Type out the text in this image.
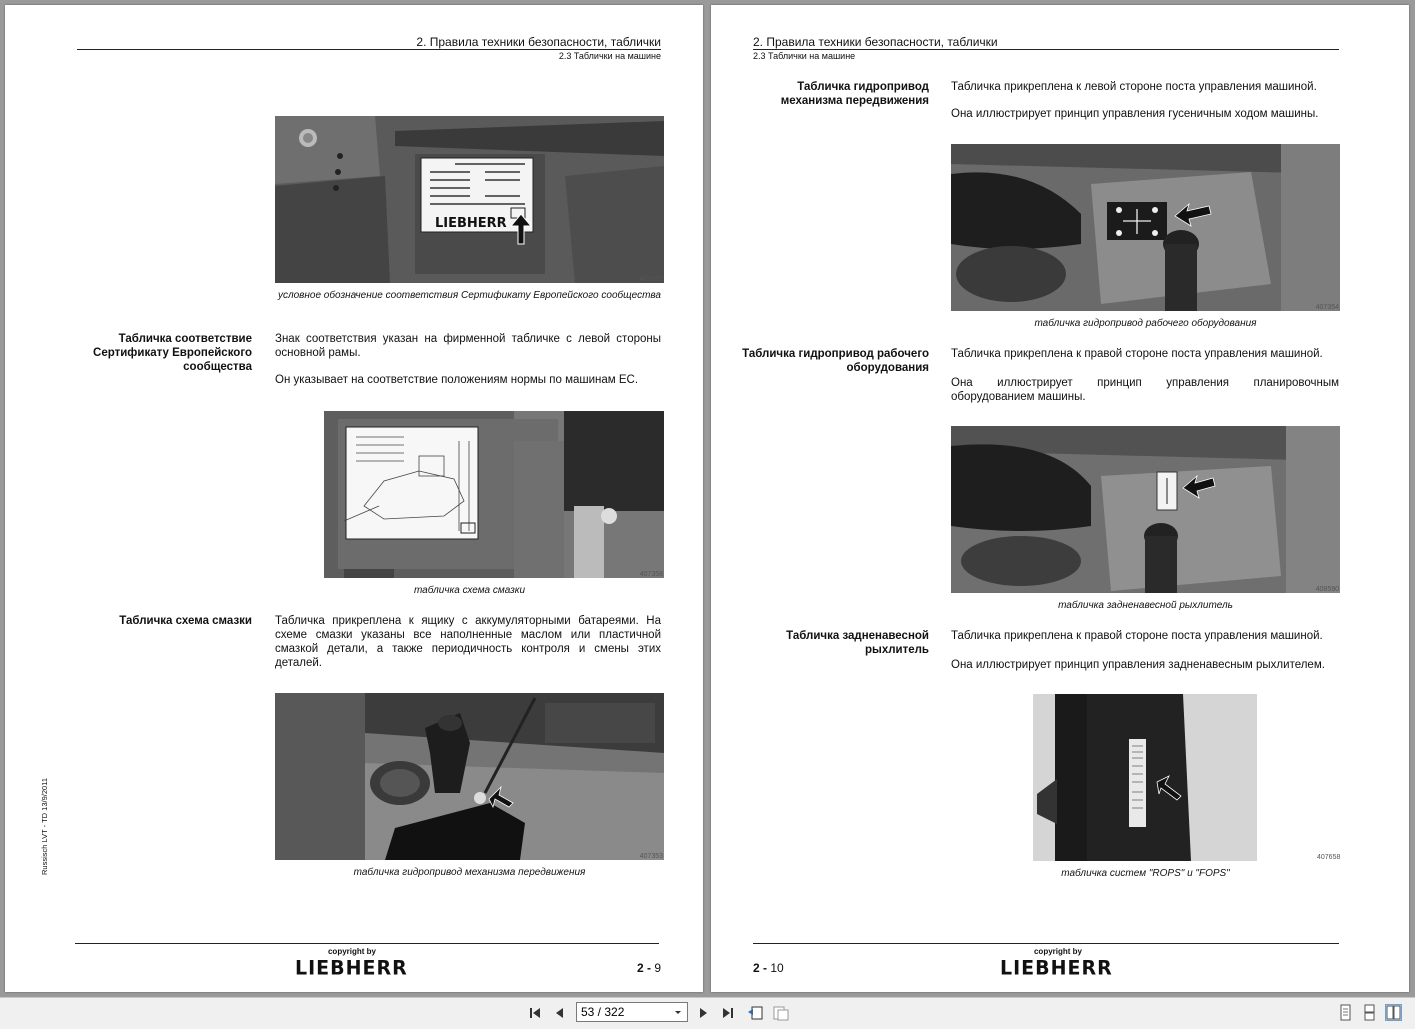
2. Правила техники безопасности, таблички
2.3 Таблички на машине
LIEBHERR
407057
условное обозначение соответствия Сертификату Европейского сообщества
Табличка соответствие Сертификату Европейского сообщества
Знак соответствия указан на фирменной табличке с левой стороны основной рамы.
Он указывает на соответствие положениям нормы по машинам ЕС.
407358
табличка схема смазки
Табличка схема смазки Табличка прикреплена к ящику с аккумуляторными батареями. На схеме смазки указаны все наполненные маслом или пластичной смазкой детали, а также периодичность контроля и смены этих деталей.
407353
табличка гидропривод механизма передвижения
Russisch LVT - TD 13/9/2011
copyright by
LIEBHERR	2 - 9
2. Правила техники безопасности, таблички
2.3 Таблички на машине
Табличка гидропривод механизма передвижения
Табличка прикреплена к левой стороне поста управления машиной.
Она иллюстрирует принцип управления гусеничным ходом машины.
407354
табличка гидропривод рабочего оборудования
Табличка гидропривод рабочего оборудования
Табличка прикреплена к правой стороне поста управления машиной.
Она иллюстрирует принцип управления планировочным оборудованием машины.
408590
табличка задненавесной рыхлитель
Табличка задненавесной рыхлитель
Табличка прикреплена к правой стороне поста управления машиной.
Она иллюстрирует принцип управления задненавесным рыхлителем.
407658
табличка систем "ROPS" и "FOPS"
copyright by
LIEBHERR
2 - 10
53 / 322
